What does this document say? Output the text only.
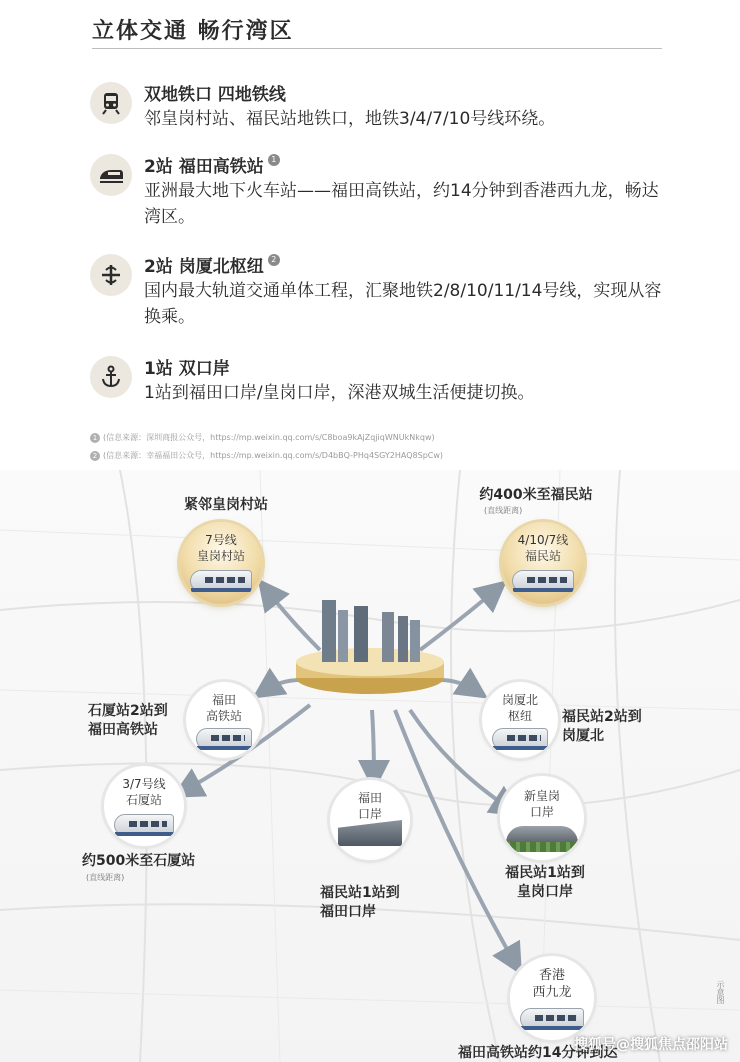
立体交通 畅行湾区
双地铁口 四地铁线
邻皇岗村站、福民站地铁口，地铁3/4/7/10号线环绕。
2站 福田高铁站 1
亚洲最大地下火车站——福田高铁站，约14分钟到香港西九龙，畅达湾区。
2站 岗厦北枢纽 2
国内最大轨道交通单体工程，汇聚地铁2/8/10/11/14号线，实现从容换乘。
1站 双口岸
1站到福田口岸/皇岗口岸，深港双城生活便捷切换。
1 (信息来源：深圳商报公众号，https://mp.weixin.qq.com/s/C8boa9kAjZqjiqWNUkNkqw)
2 (信息来源：幸福福田公众号，https://mp.weixin.qq.com/s/D4bBQ-PHq4SGY2HAQ8SpCw)
紧邻皇岗村站
7号线
皇岗村站
约400米至福民站
(直线距离)
4/10/7线
福民站
石厦站2站到
福田高铁站
福田
高铁站
岗厦北
枢纽	福民站2站到
岗厦北
3/7号线
石厦站
约500米至石厦站
(直线距离)
福田
口岸
福民站1站到
福田口岸
新皇岗
口岸
福民站1站到
皇岗口岸
香港
西九龙
福田高铁站约14分钟到达
示意图
搜狐号@搜狐焦点邵阳站
